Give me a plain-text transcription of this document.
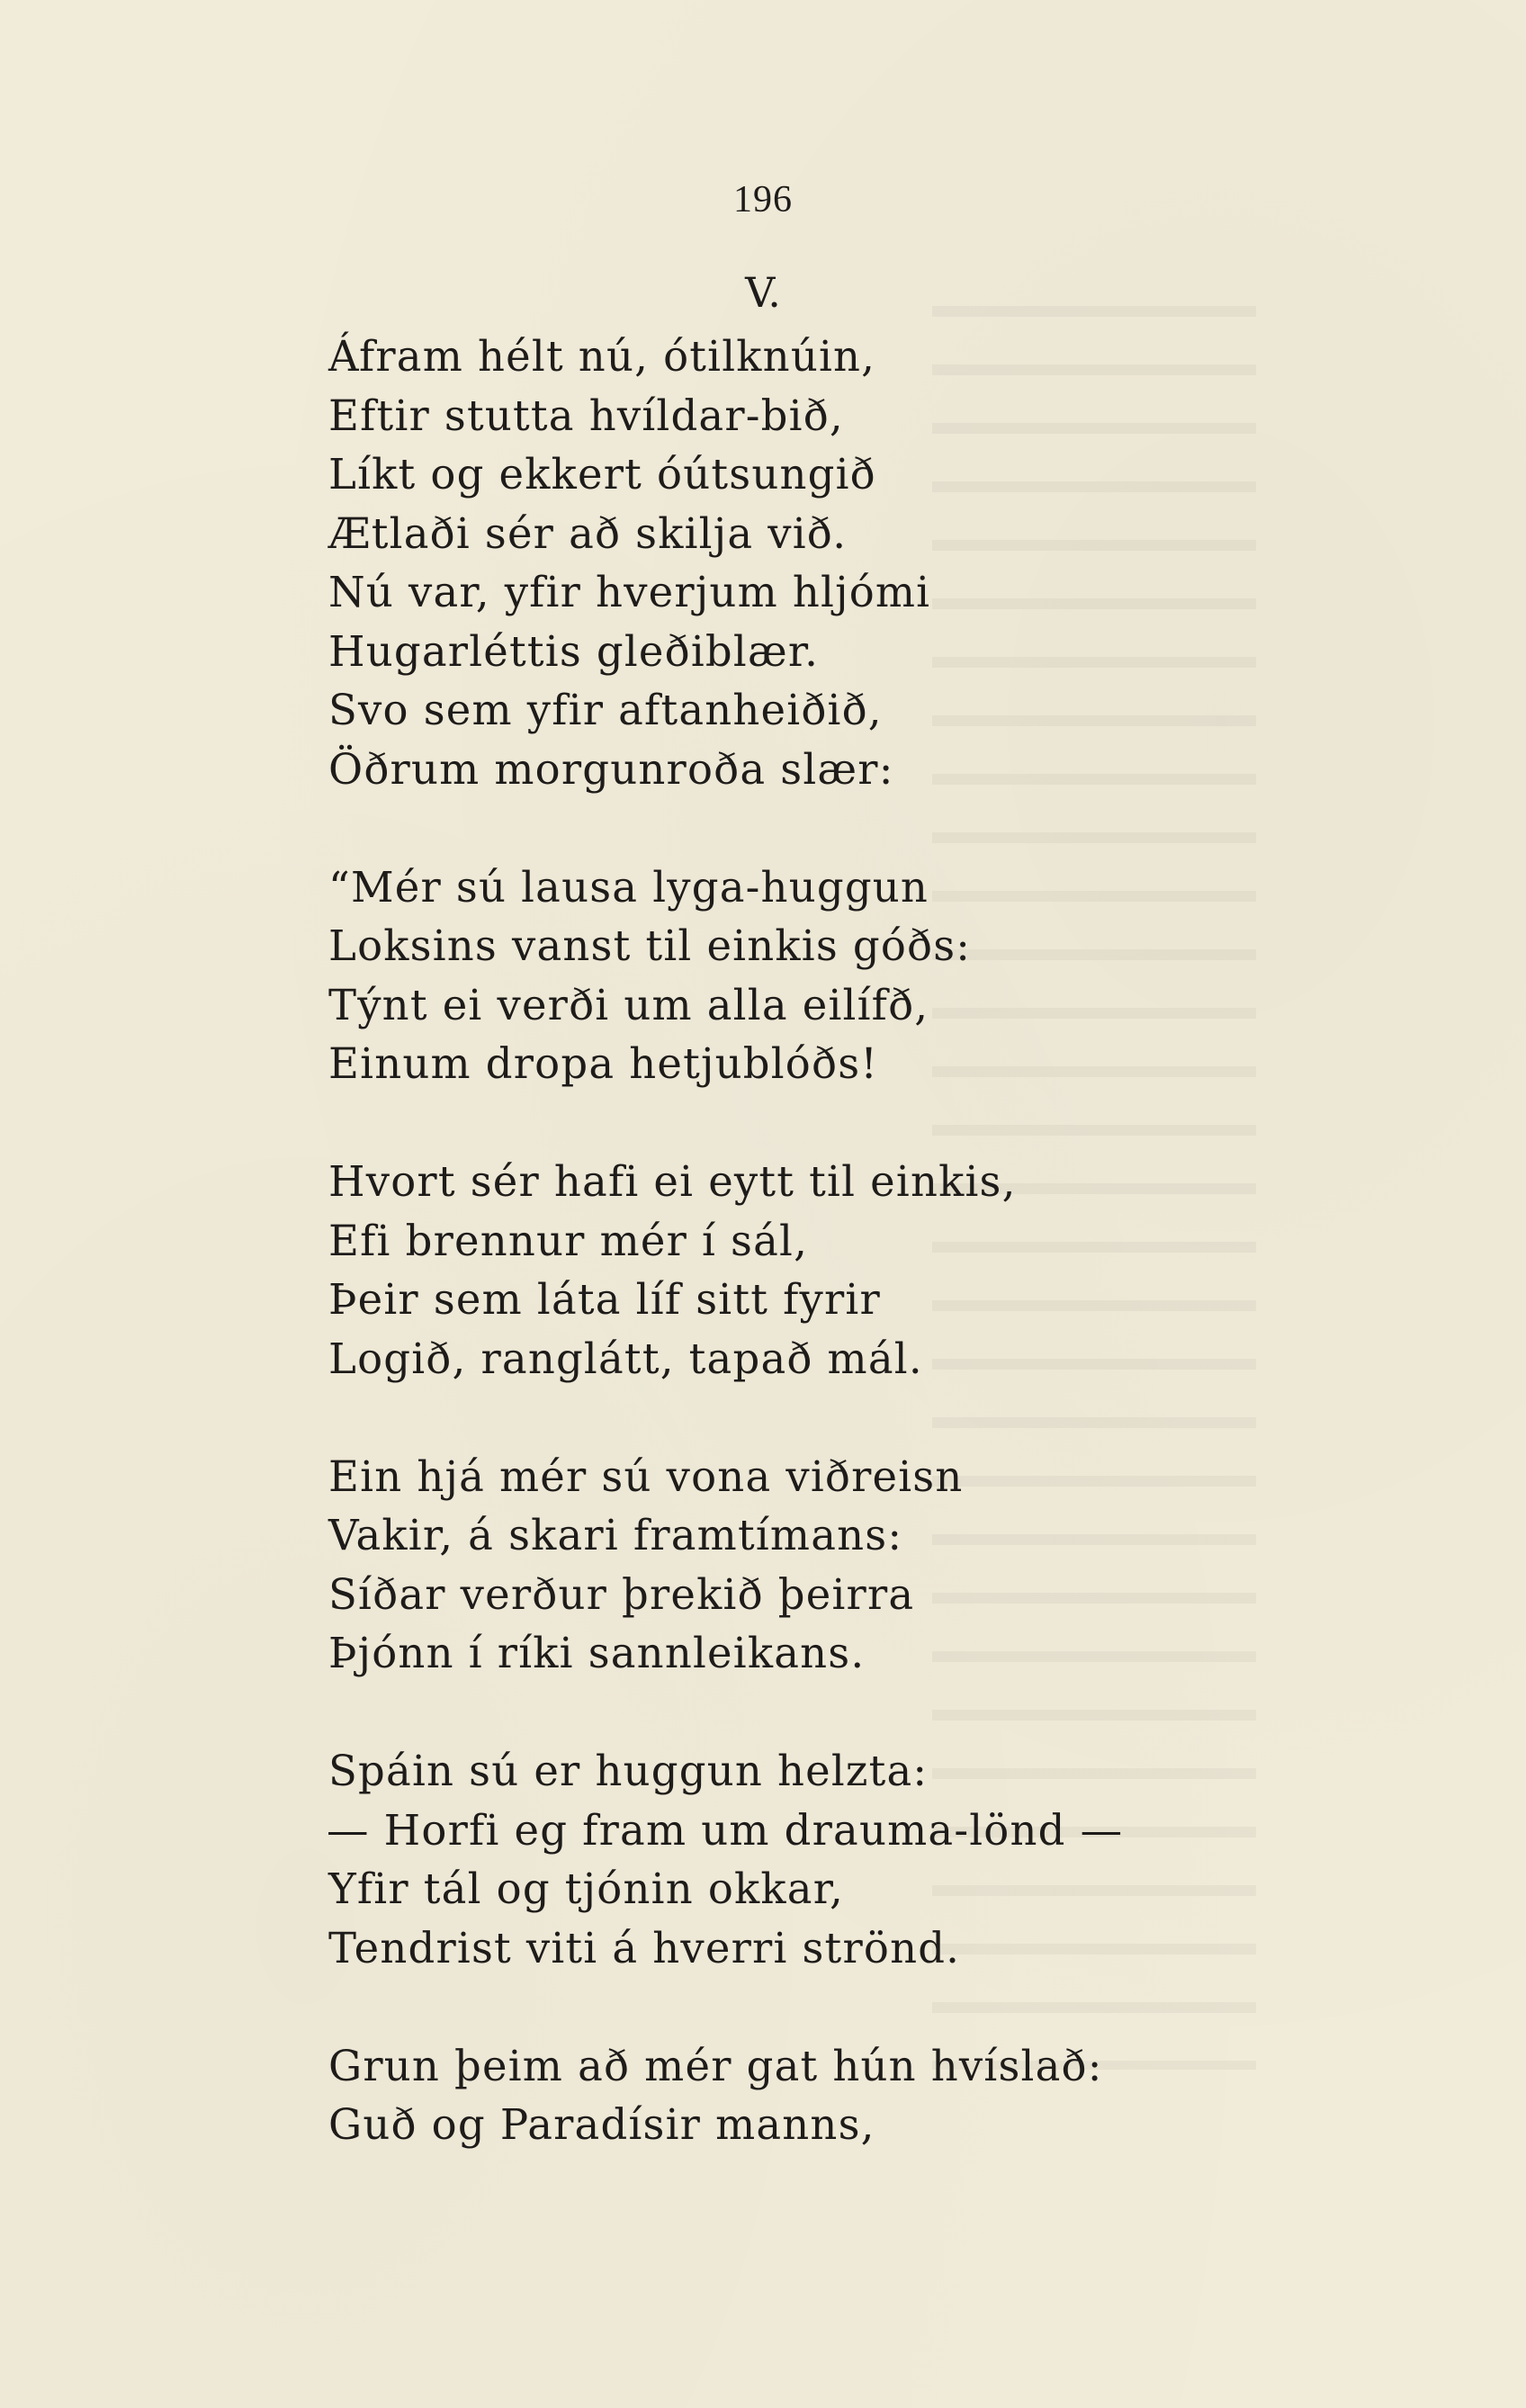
196
V.
Áfram hélt nú, ótilknúin,
Eftir stutta hvíldar-bið,
Líkt og ekkert óútsungið
Ætlaði sér að skilja við.
Nú var, yfir hverjum hljómi
Hugarléttis gleðiblær.
Svo sem yfir aftanheiðið,
Öðrum morgunroða slær:
“Mér sú lausa lyga-huggun
Loksins vanst til einkis góðs:
Týnt ei verði um alla eilífð,
Einum dropa hetjublóðs!
Hvort sér hafi ei eytt til einkis,
Efi brennur mér í sál,
Þeir sem láta líf sitt fyrir
Logið, ranglátt, tapað mál.
Ein hjá mér sú vona viðreisn
Vakir, á skari framtímans:
Síðar verður þrekið þeirra
Þjónn í ríki sannleikans.
Spáin sú er huggun helzta:
— Horfi eg fram um drauma-lönd —
Yfir tál og tjónin okkar,
Tendrist viti á hverri strönd.
Grun þeim að mér gat hún hvíslað:
Guð og Paradísir manns,
